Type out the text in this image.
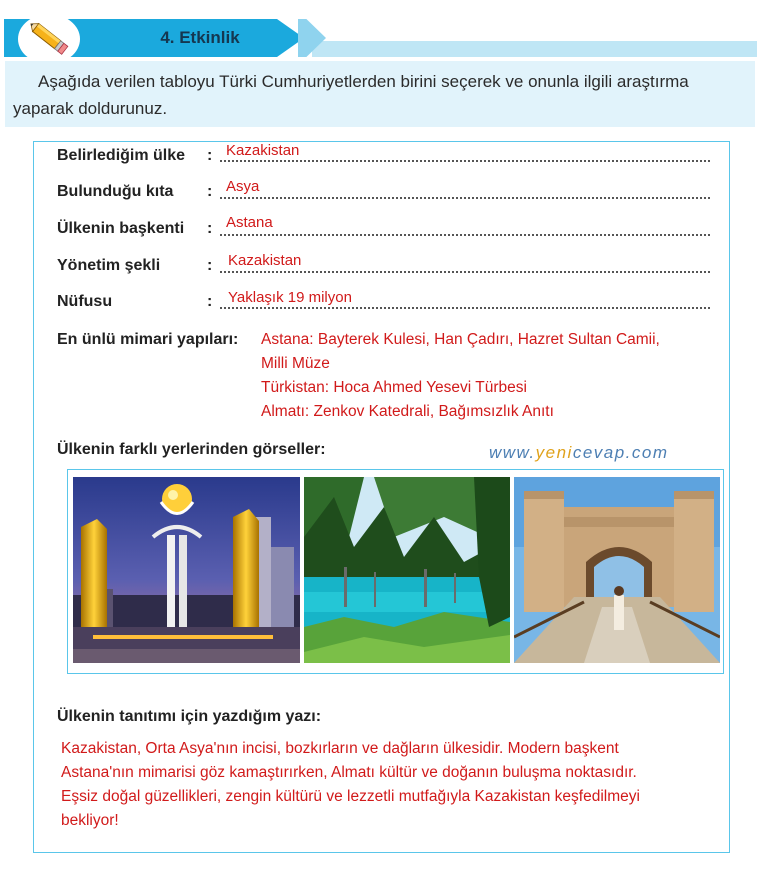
4. Etkinlik

Aşağıda verilen tabloyu Türki Cumhuriyetlerden birini seçerek ve onunla ilgili araştırma yaparak doldurunuz.

Belirlediğim ülke : Kazakistan
Bulunduğu kıta : Asya
Ülkenin başkenti : Astana
Yönetim şekli	: Kazakistan
Nüfusu	: Yaklaşık 19 milyon
En ünlü mimari yapıları: Astana: Bayterek Kulesi, Han Çadırı, Hazret Sultan Camii,
Milli Müze
Türkistan: Hoca Ahmed Yesevi Türbesi
Almatı: Zenkov Katedrali, Bağımsızlık Anıtı
Ülkenin farklı yerlerinden görseller:	www.yenicevap.com
Ülkenin tanıtımı için yazdığım yazı:
Kazakistan, Orta Asya'nın incisi, bozkırların ve dağların ülkesidir. Modern başkent
Astana'nın mimarisi göz kamaştırırken, Almatı kültür ve doğanın buluşma noktasıdır.
Eşsiz doğal güzellikleri, zengin kültürü ve lezzetli mutfağıyla Kazakistan keşfedilmeyi
bekliyor!
